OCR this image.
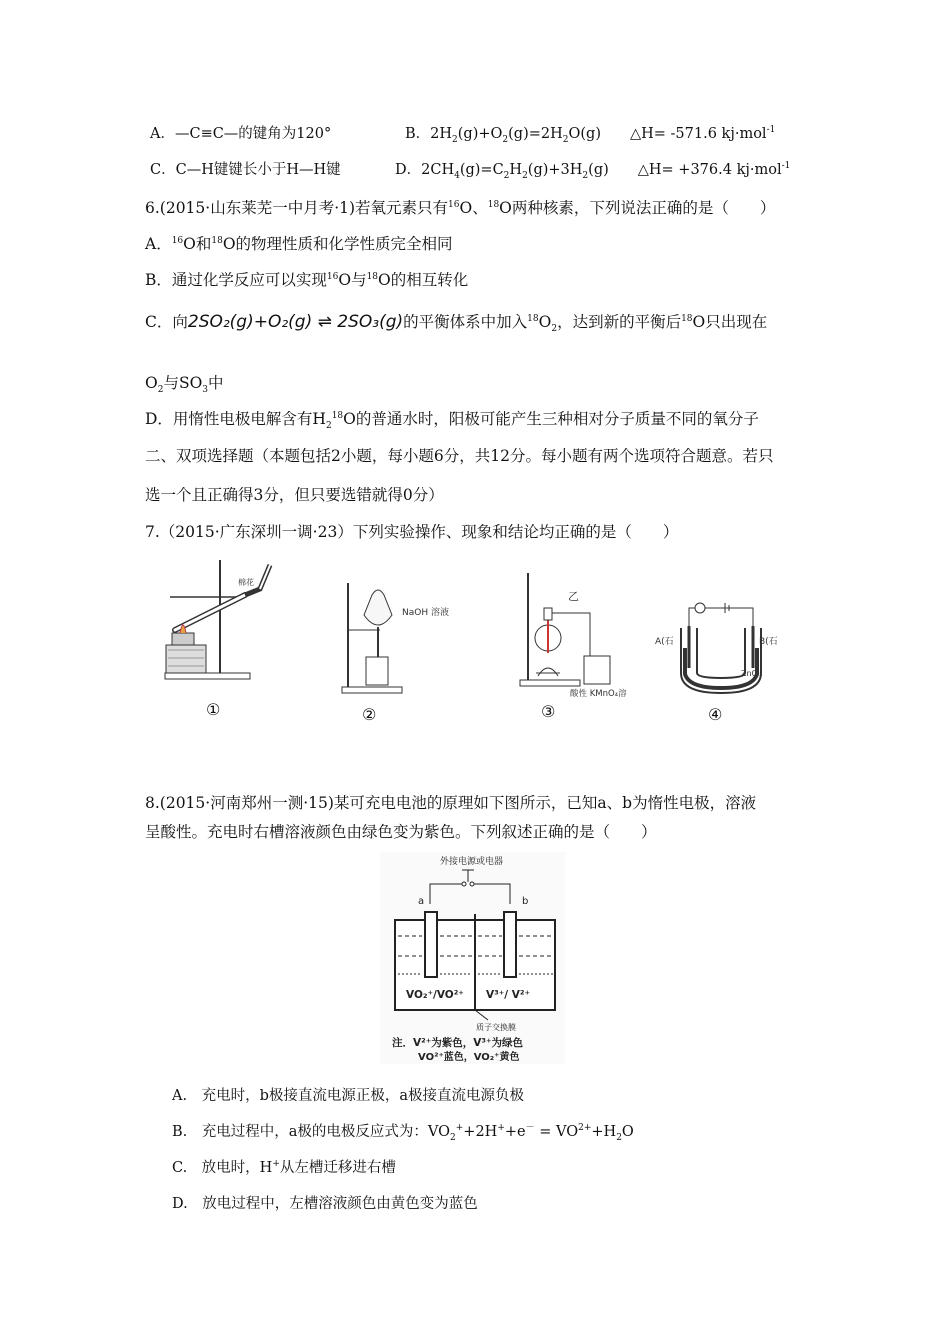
A．—C≡C—的键角为120°	B．$2H_2(g)+O_2(g)=2H_2O(g)$　　△H= -571.6 kj·mol$^{-1}$
C．C—H键键长小于H—H键	D．$2CH_4(g)=C_2H_2(g)+3H_2(g)$　　△H= +376.4 kj·mol$^{-1}$
6.(2015·山东莱芜一中月考·1)若氧元素只有$^{16}$O、$^{18}$O两种核素，下列说法正确的是（　　）
A．$^{16}$O和$^{18}$O的物理性质和化学性质完全相同
B．通过化学反应可以实现$^{16}$O与$^{18}$O的相互转化
C．向2SO₂(g)+O₂(g) ⇌ 2SO₃(g)的平衡体系中加入$^{18}O_2$，达到新的平衡后$^{18}$O只出现在
$O_2$与$SO_3$中
D．用惰性电极电解含有$H_2^{18}O$的普通水时，阳极可能产生三种相对分子质量不同的氧分子
二、双项选择题（本题包括2小题，每小题6分，共12分。每小题有两个选项符合题意。若只
选一个且正确得3分，但只要选错就得0分）
7.（2015·广东深圳一调·23）下列实验操作、现象和结论均正确的是（　　）
棉花
①
NaOH 溶液
②
乙
酸性 KMnO₄溶
③
A(石	B(石
ZnCl₂
④
8.(2015·河南郑州一测·15)某可充电电池的原理如下图所示，已知a、b为惰性电极，溶液
呈酸性。充电时右槽溶液颜色由绿色变为紫色。下列叙述正确的是（　　）
外接电源或电器
a	b
VO₂⁺/VO²⁺ V³⁺/ V²⁺
质子交换膜
注．V²⁺为紫色，V³⁺为绿色
VO²⁺蓝色，VO₂⁺黄色
A.　充电时，b极接直流电源正极，a极接直流电源负极
B.　充电过程中，a极的电极反应式为：$VO_2^++2H^++e^- = VO^{2+}+H_2O$
C.　放电时，H+从左槽迁移进右槽
D.　放电过程中，左槽溶液颜色由黄色变为蓝色
